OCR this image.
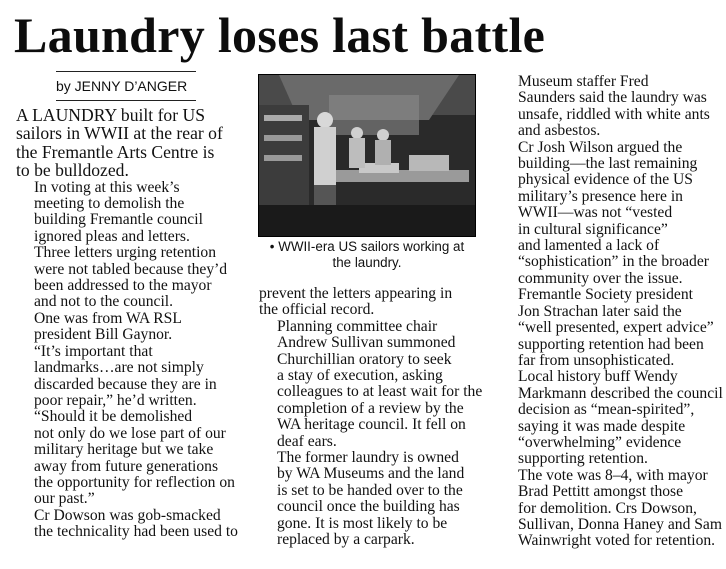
Laundry loses last battle
by JENNY D’ANGER

A LAUNDRY built for US
sailors in WWII at the rear of
the Fremantle Arts Centre is
to be bulldozed.

In voting at this week’s
meeting to demolish the
building Fremantle council
ignored pleas and letters.

Three letters urging retention
were not tabled because they’d
been addressed to the mayor
and not to the council.

One was from WA RSL
president Bill Gaynor.

“It’s important that
landmarks…are not simply
discarded because they are in
poor repair,” he’d written.

“Should it be demolished
not only do we lose part of our
military heritage but we take
away from future generations
the opportunity for reflection on
our past.”

Cr Dowson was gob-smacked
the technicality had been used to

• WWII-era US sailors working at
the laundry.

prevent the letters appearing in
the official record.

Planning committee chair
Andrew Sullivan summoned
Churchillian oratory to seek
a stay of execution, asking
colleagues to at least wait for the
completion of a review by the
WA heritage council. It fell on
deaf ears.

The former laundry is owned
by WA Museums and the land
is set to be handed over to the
council once the building has
gone. It is most likely to be
replaced by a carpark.

Museum staffer Fred
Saunders said the laundry was
unsafe, riddled with white ants
and asbestos.

Cr Josh Wilson argued the
building—the last remaining
physical evidence of the US
military’s presence here in
WWII—was not “vested
in cultural significance”
and lamented a lack of
“sophistication” in the broader
community over the issue.

Fremantle Society president
Jon Strachan later said the
“well presented, expert advice”
supporting retention had been
far from unsophisticated.

Local history buff Wendy
Markmann described the council
decision as “mean-spirited”,
saying it was made despite
“overwhelming” evidence
supporting retention.

The vote was 8–4, with mayor
Brad Pettitt amongst those
for demolition. Crs Dowson,
Sullivan, Donna Haney and Sam
Wainwright voted for retention.
